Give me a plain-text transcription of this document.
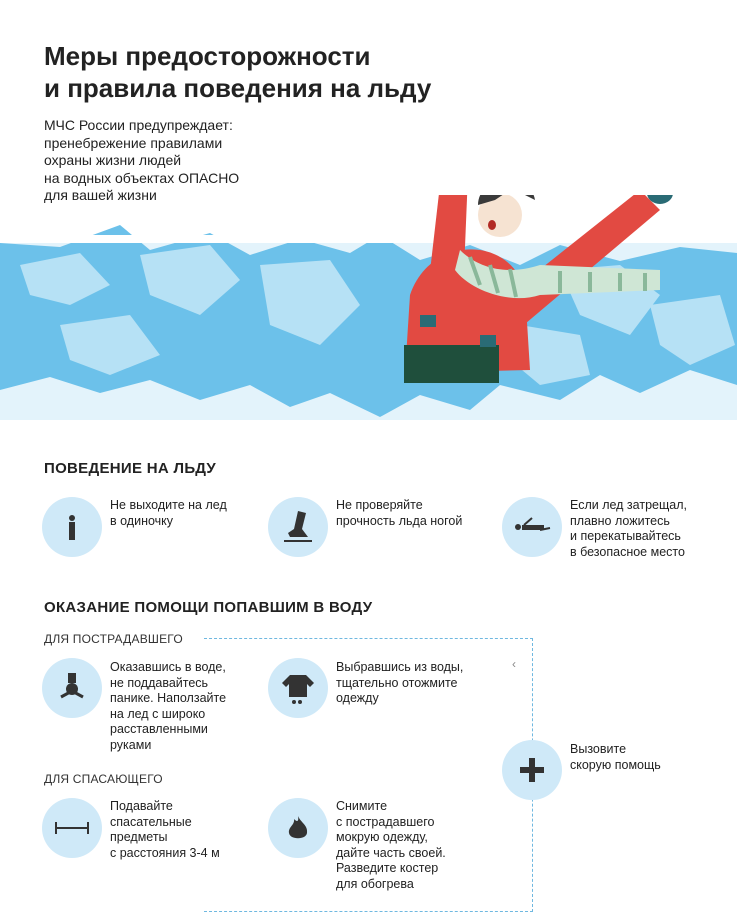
Меры предосторожности
и правила поведения на льду
МЧС России предупреждает:
пренебрежение правилами
охраны жизни людей
на водных объектах ОПАСНО
для вашей жизни
ПОВЕДЕНИЕ НА ЛЬДУ
Не выходите на лед
в одиночку
Не проверяйте
прочность льда ногой
Если лед затрещал,
плавно ложитесь
и перекатывайтесь
в безопасное место
ОКАЗАНИЕ ПОМОЩИ ПОПАВШИМ В ВОДУ
ДЛЯ ПОСТРАДАВШЕГО
‹
Оказавшись в воде,
не поддавайтесь
панике. Наползайте
на лед с широко
расставленными
руками
Выбравшись из воды,
тщательно отожмите
одежду
Вызовите
скорую помощь
ДЛЯ СПАСАЮЩЕГО
Подавайте
спасательные
предметы
с расстояния 3-4 м
Снимите
с пострадавшего
мокрую одежду,
дайте часть своей.
Разведите костер
для обогрева
